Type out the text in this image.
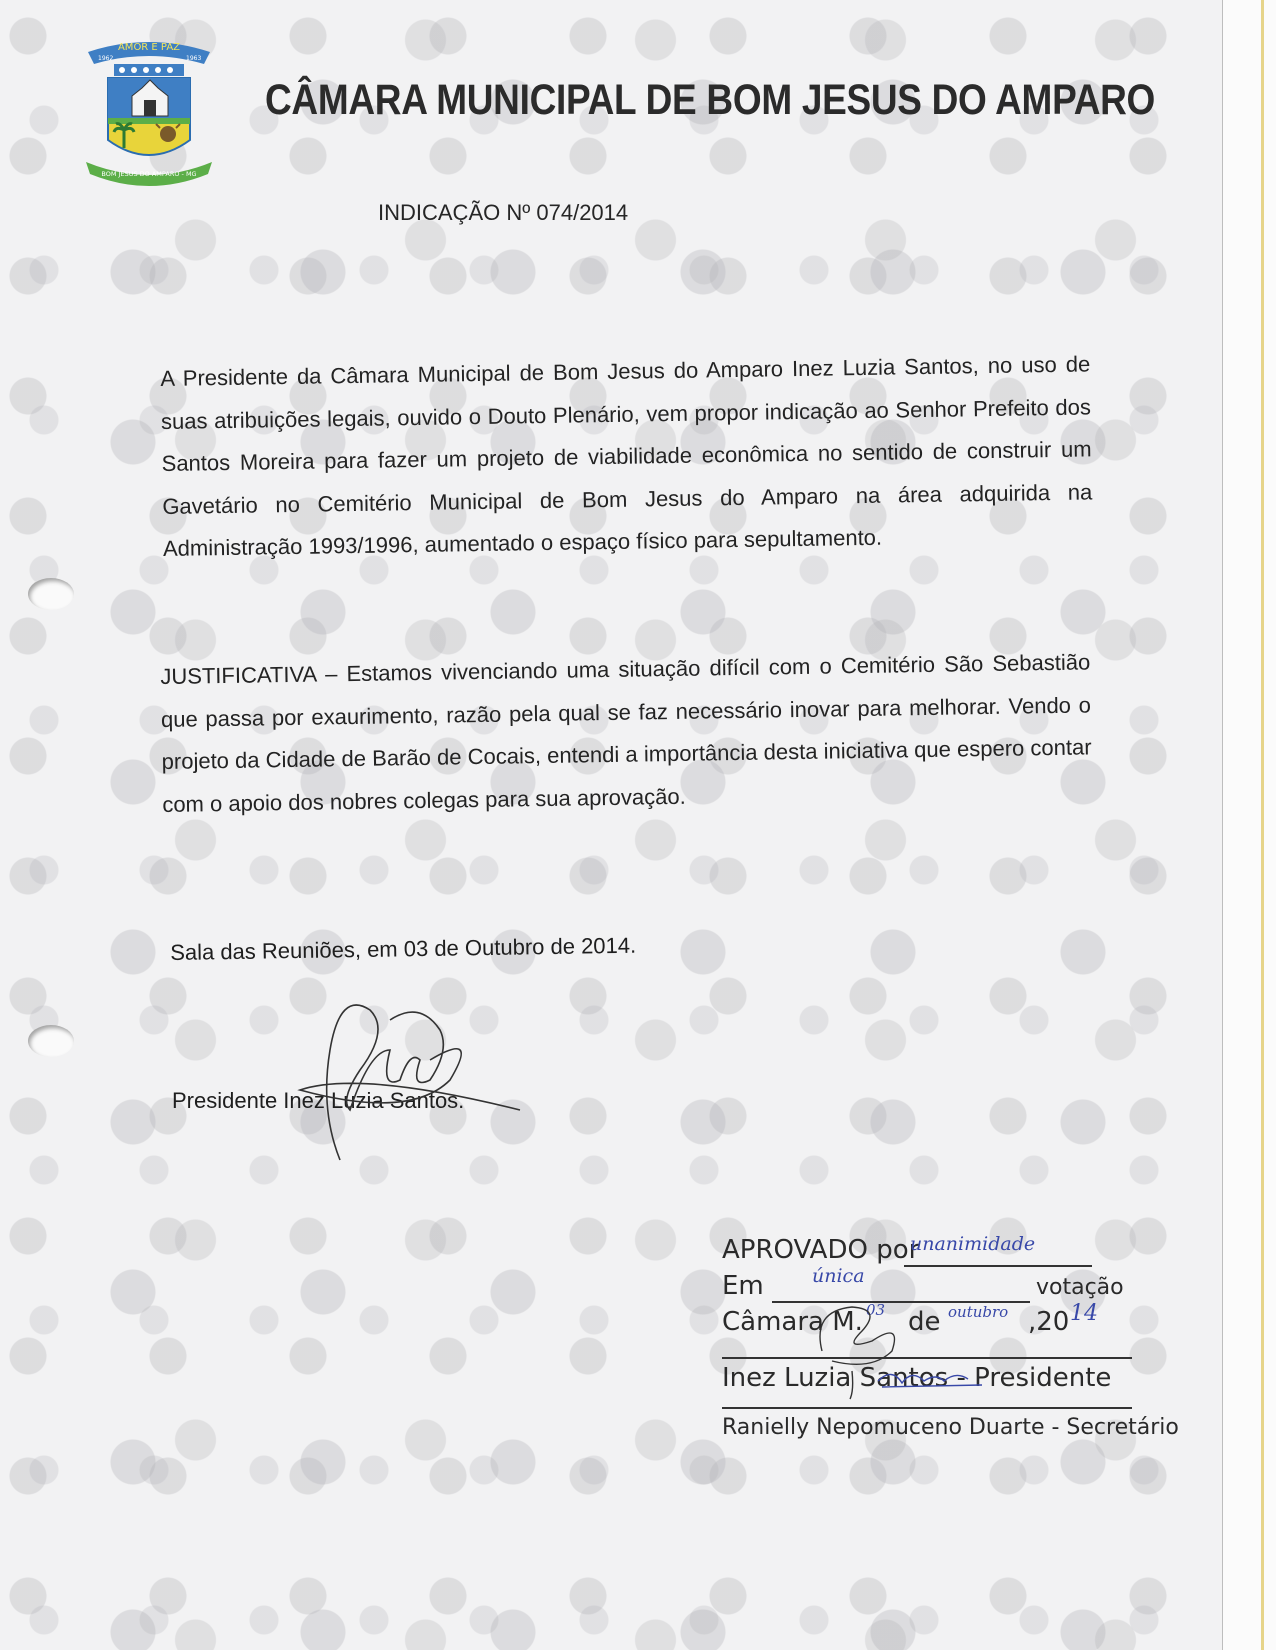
AMOR E PAZ
1962	1963
BOM JESUS DO AMPARO - MG
CÂMARA MUNICIPAL DE BOM JESUS DO AMPARO
INDICAÇÃO Nº 074/2014
A Presidente da Câmara Municipal de Bom Jesus do Amparo Inez Luzia Santos, no uso de suas atribuições legais, ouvido o Douto Plenário, vem propor indicação ao Senhor Prefeito dos Santos Moreira para fazer um projeto de viabilidade econômica no sentido de construir um Gavetário no Cemitério Municipal de Bom Jesus do Amparo na área adquirida na Administração 1993/1996, aumentado o espaço físico para sepultamento.
JUSTIFICATIVA – Estamos vivenciando uma situação difícil com o Cemitério São Sebastião que passa por exaurimento, razão pela qual se faz necessário inovar para melhorar. Vendo o projeto da Cidade de Barão de Cocais, entendi a importância desta iniciativa que espero contar com o apoio dos nobres colegas para sua aprovação.
Sala das Reuniões, em 03 de Outubro de 2014.
Presidente Inez Luzia Santos.
APROVADO por
unanimidade
Em	única	votação
Câmara M. 03 de outubro ,20 14
Inez Luzia Santos - Presidente
Ranielly Nepomuceno Duarte - Secretário
